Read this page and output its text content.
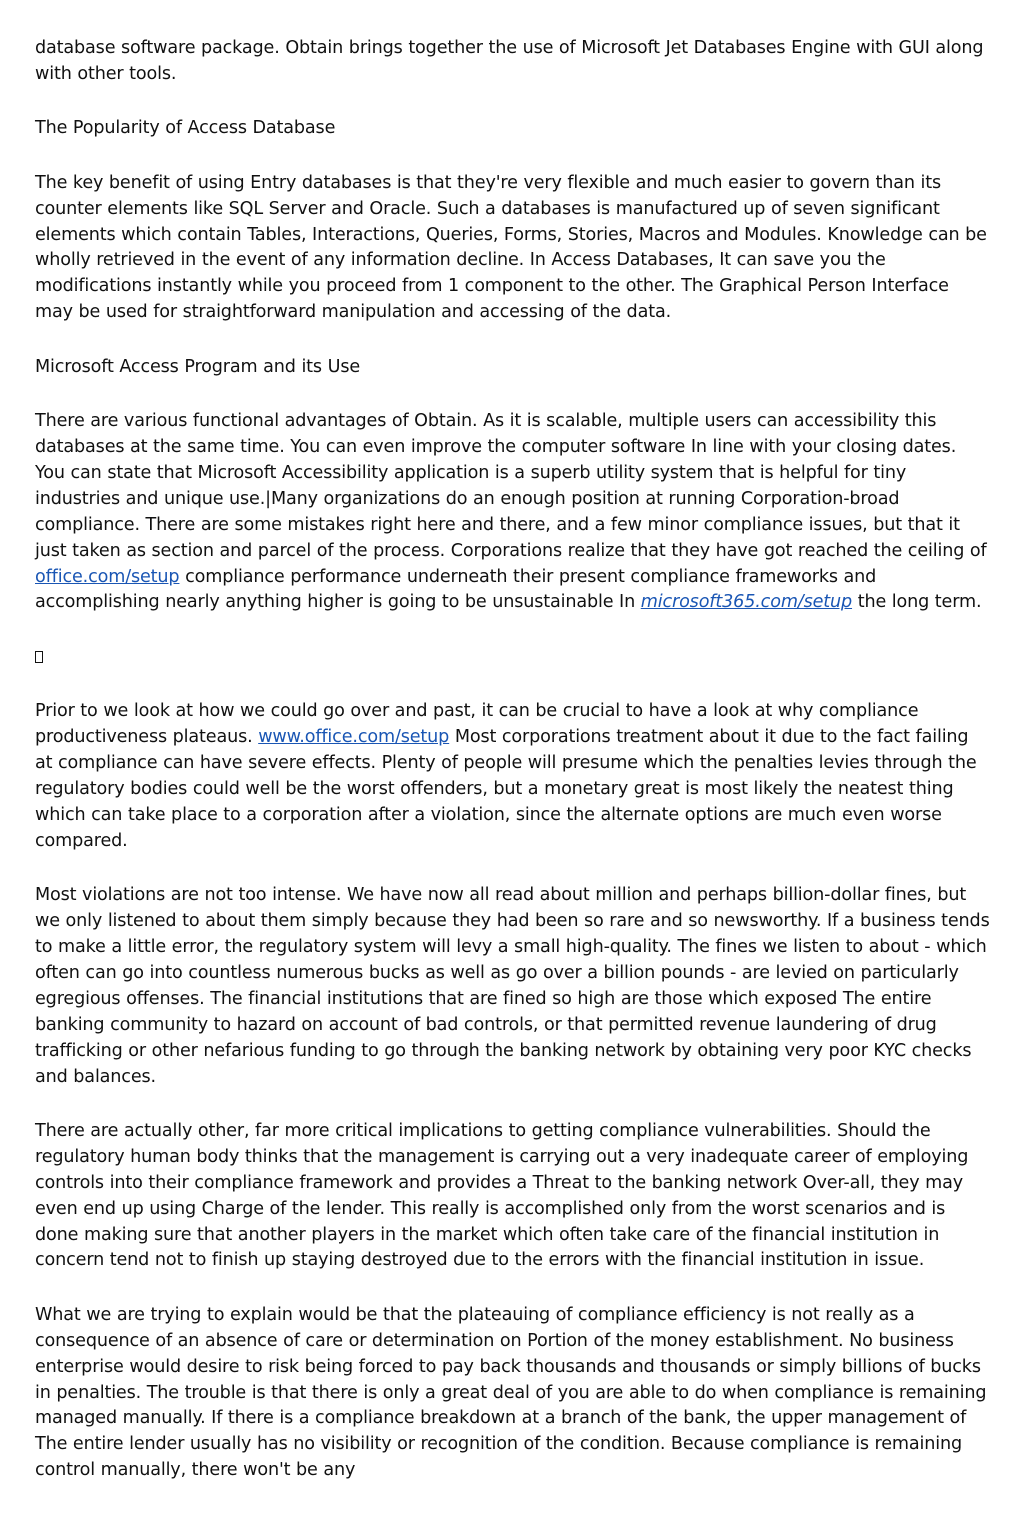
database software package. Obtain brings together the use of Microsoft Jet Databases Engine with GUI along with other tools.

The Popularity of Access Database

The key benefit of using Entry databases is that they're very flexible and much easier to govern than its counter elements like SQL Server and Oracle. Such a databases is manufactured up of seven significant elements which contain Tables, Interactions, Queries, Forms, Stories, Macros and Modules. Knowledge can be wholly retrieved in the event of any information decline. In Access Databases, It can save you the modifications instantly while you proceed from 1 component to the other. The Graphical Person Interface may be used for straightforward manipulation and accessing of the data.

Microsoft Access Program and its Use

There are various functional advantages of Obtain. As it is scalable, multiple users can accessibility this databases at the same time. You can even improve the computer software In line with your closing dates. You can state that Microsoft Accessibility application is a superb utility system that is helpful for tiny industries and unique use.|Many organizations do an enough position at running Corporation-broad compliance. There are some mistakes right here and there, and a few minor compliance issues, but that it just taken as section and parcel of the process. Corporations realize that they have got reached the ceiling of office.com/setup compliance performance underneath their present compliance frameworks and accomplishing nearly anything higher is going to be unsustainable In microsoft365.com/setup the long term.

Prior to we look at how we could go over and past, it can be crucial to have a look at why compliance productiveness plateaus. www.office.com/setup Most corporations treatment about it due to the fact failing at compliance can have severe effects. Plenty of people will presume which the penalties levies through the regulatory bodies could well be the worst offenders, but a monetary great is most likely the neatest thing which can take place to a corporation after a violation, since the alternate options are much even worse compared.

Most violations are not too intense. We have now all read about million and perhaps billion-dollar fines, but we only listened to about them simply because they had been so rare and so newsworthy. If a business tends to make a little error, the regulatory system will levy a small high-quality. The fines we listen to about - which often can go into countless numerous bucks as well as go over a billion pounds - are levied on particularly egregious offenses. The financial institutions that are fined so high are those which exposed The entire banking community to hazard on account of bad controls, or that permitted revenue laundering of drug trafficking or other nefarious funding to go through the banking network by obtaining very poor KYC checks and balances.

There are actually other, far more critical implications to getting compliance vulnerabilities. Should the regulatory human body thinks that the management is carrying out a very inadequate career of employing controls into their compliance framework and provides a Threat to the banking network Over-all, they may even end up using Charge of the lender. This really is accomplished only from the worst scenarios and is done making sure that another players in the market which often take care of the financial institution in concern tend not to finish up staying destroyed due to the errors with the financial institution in issue.

What we are trying to explain would be that the plateauing of compliance efficiency is not really as a consequence of an absence of care or determination on Portion of the money establishment. No business enterprise would desire to risk being forced to pay back thousands and thousands or simply billions of bucks in penalties. The trouble is that there is only a great deal of you are able to do when compliance is remaining managed manually. If there is a compliance breakdown at a branch of the bank, the upper management of The entire lender usually has no visibility or recognition of the condition. Because compliance is remaining control manually, there won't be any
